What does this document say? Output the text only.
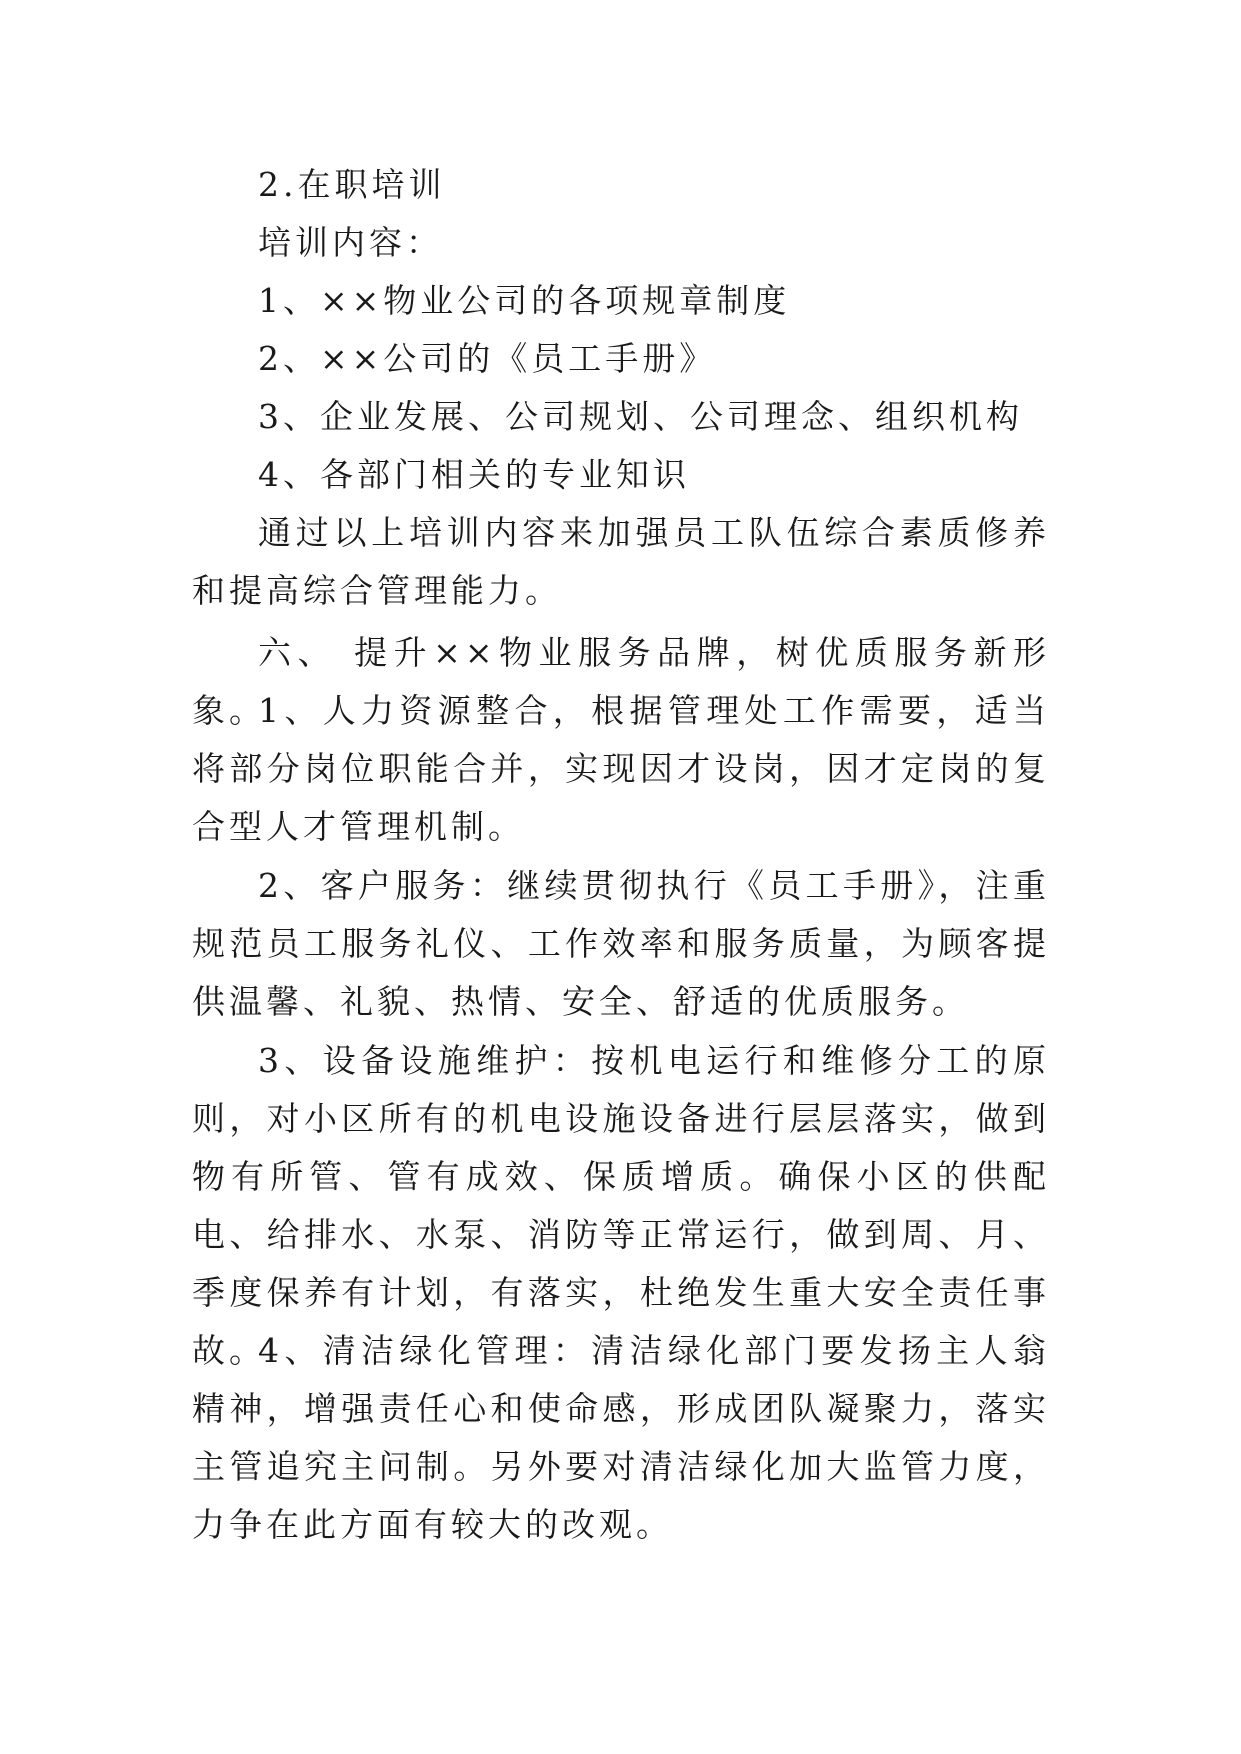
2.在职培训

培训内容：

1、××物业公司的各项规章制度

2、××公司的《员工手册》

3、企业发展、公司规划、公司理念、组织机构

4、各部门相关的专业知识

通过以上培训内容来加强员工队伍综合素质修养和提高综合管理能力。

六、 提升××物业服务品牌，树优质服务新形象。

1、人力资源整合，根据管理处工作需要，适当将部分岗位职能合并，实现因才设岗，因才定岗的复合型人才管理机制。

2、客户服务：继续贯彻执行《员工手册》，注重规范员工服务礼仪、工作效率和服务质量，为顾客提供温馨、礼貌、热情、安全、舒适的优质服务。

3、设备设施维护：按机电运行和维修分工的原则，对小区所有的机电设施设备进行层层落实，做到物有所管、管有成效、保质增质。确保小区的供配电、给排水、水泵、消防等正常运行，做到周、月、季度保养有计划，有落实，杜绝发生重大安全责任事故。

4、清洁绿化管理：清洁绿化部门要发扬主人翁精神，增强责任心和使命感，形成团队凝聚力，落实主管追究主问制。另外要对清洁绿化加大监管力度，力争在此方面有较大的改观。
